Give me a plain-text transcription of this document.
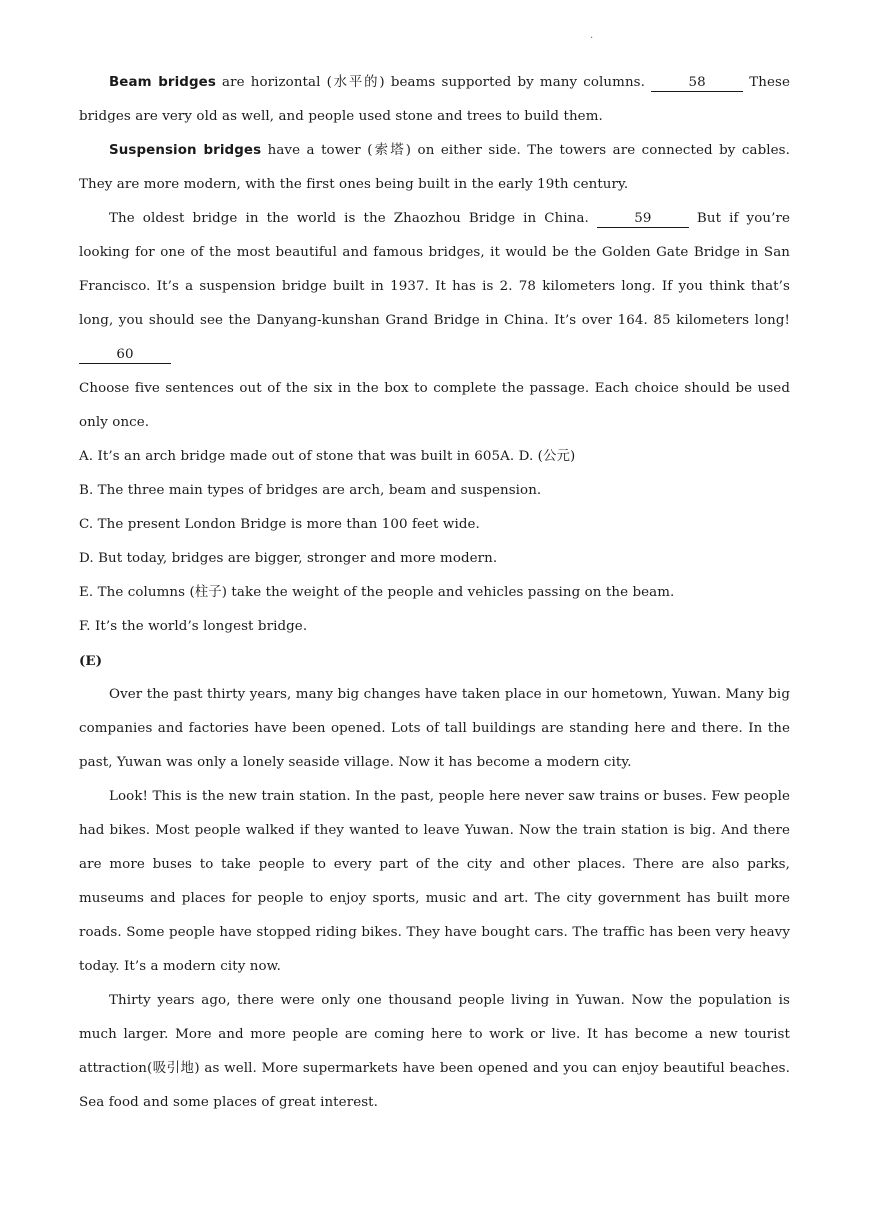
.

Beam bridges are horizontal (水平的) beams supported by many columns.	58	These bridges are very old as well, and people used stone and trees to build them.

Suspension bridges have a tower (索塔) on either side. The towers are connected by cables. They are more modern, with the first ones being built in the early 19th century.

The oldest bridge in the world is the Zhaozhou Bridge in China.	59	But if you’re looking for one of the most beautiful and famous bridges, it would be the Golden Gate Bridge in San Francisco. It’s a suspension bridge built in 1937. It has is 2. 78 kilometers long. If you think that’s long, you should see the Danyang-kunshan Grand Bridge in China. It’s over 164. 85 kilometers long! 60

Choose five sentences out of the six in the box to complete the passage. Each choice should be used only once.

A. It’s an arch bridge made out of stone that was built in 605A. D. (公元)

B. The three main types of bridges are arch, beam and suspension.

C. The present London Bridge is more than 100 feet wide.

D. But today, bridges are bigger, stronger and more modern.

E. The columns (柱子) take the weight of the people and vehicles passing on the beam.

F. It’s the world’s longest bridge.

(E)

Over the past thirty years, many big changes have taken place in our hometown, Yuwan. Many big companies and factories have been opened. Lots of tall buildings are standing here and there. In the past, Yuwan was only a lonely seaside village. Now it has become a modern city.

Look! This is the new train station. In the past, people here never saw trains or buses. Few people had bikes. Most people walked if they wanted to leave Yuwan. Now the train station is big. And there are more buses to take people to every part of the city and other places. There are also parks, museums and places for people to enjoy sports, music and art. The city government has built more roads. Some people have stopped riding bikes. They have bought cars. The traffic has been very heavy today. It’s a modern city now.

Thirty years ago, there were only one thousand people living in Yuwan. Now the population is much larger. More and more people are coming here to work or live. It has become a new tourist attraction(吸引地) as well. More supermarkets have been opened and you can enjoy beautiful beaches. Sea food and some places of great interest.
